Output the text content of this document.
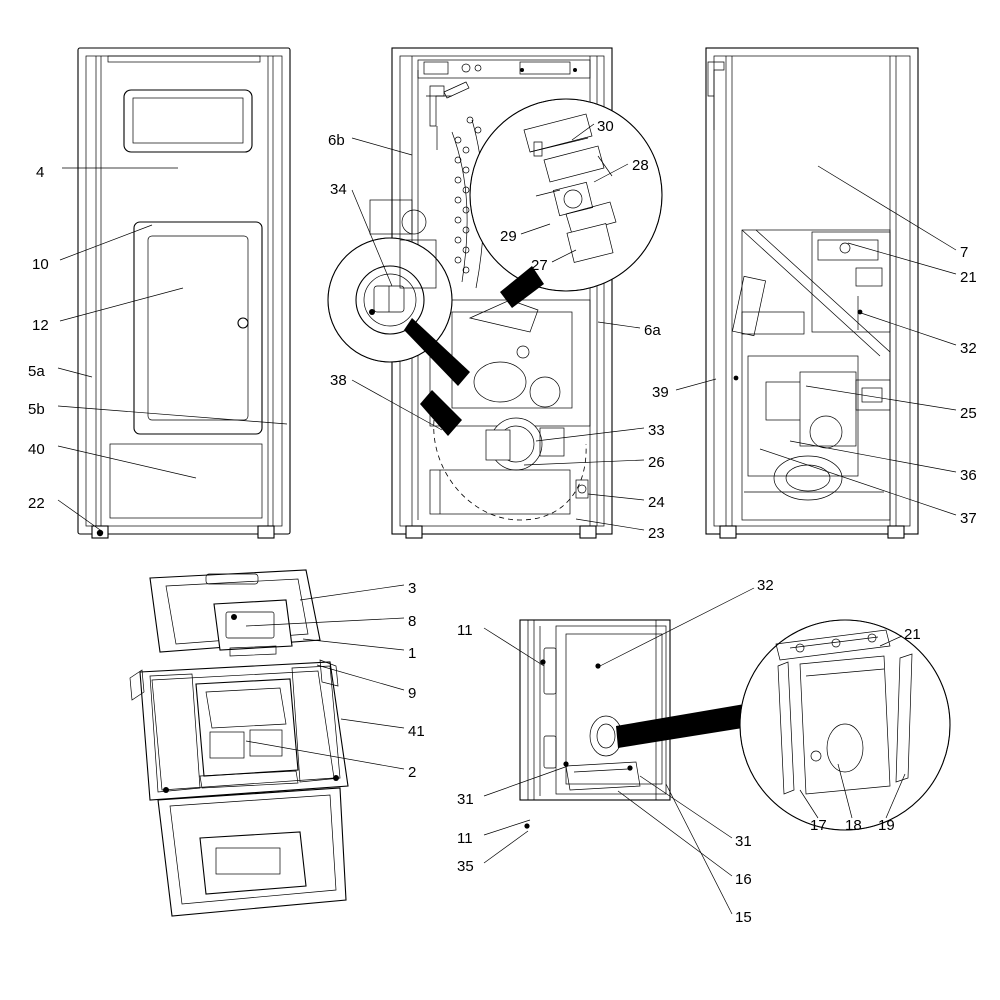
4
10
12
5a
5b
40
22
6b
34
38
30
28
29
27
6a
33
26
24
23
7
21
32
25
36
37
39
3
8
1
9
41
2
11
31
11
35
32
21
17 18 19
31
16
15
